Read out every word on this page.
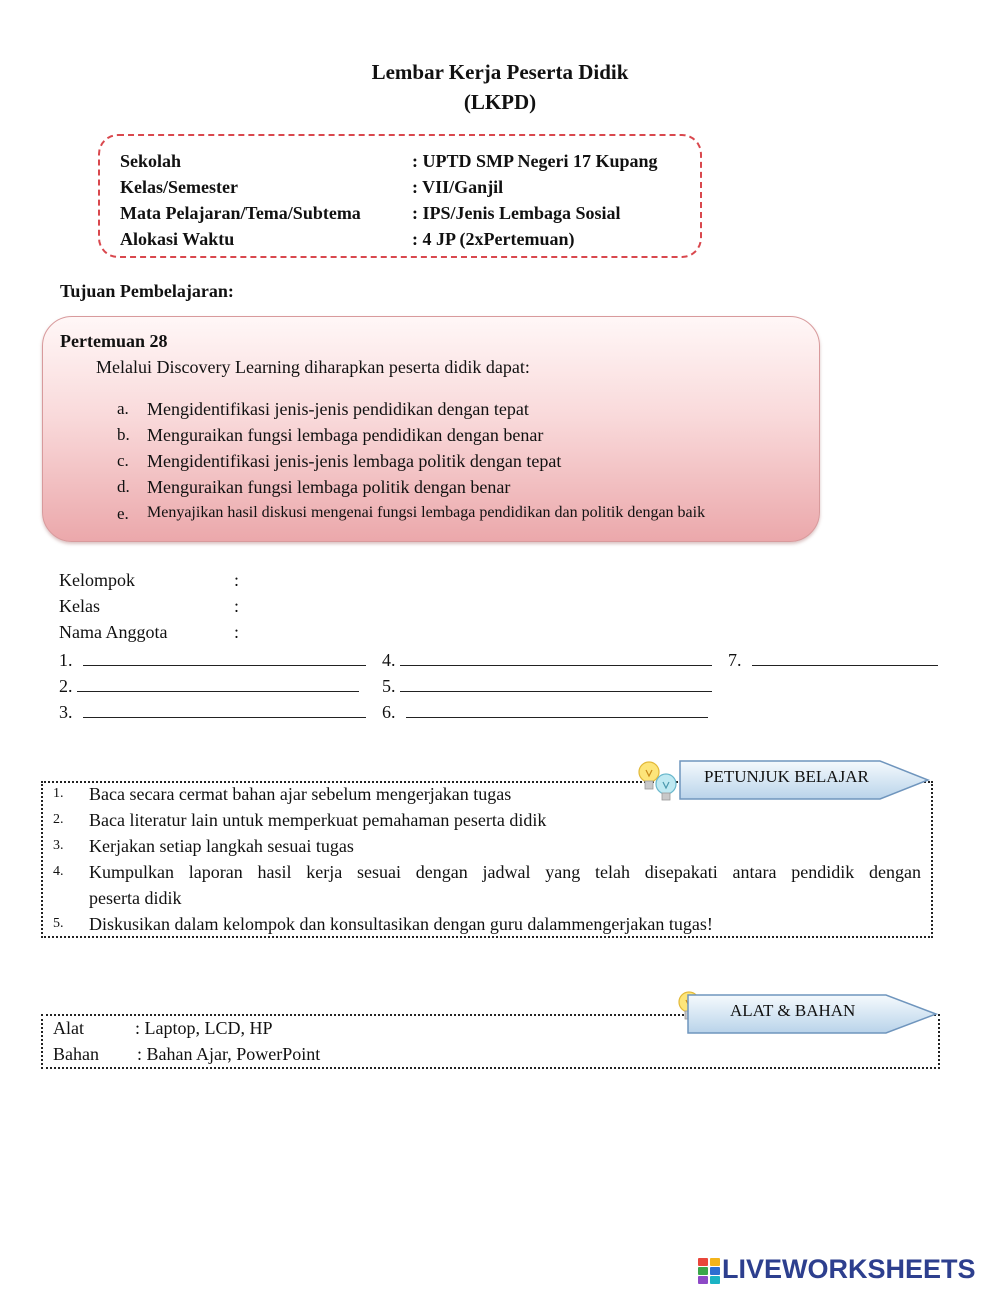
Lembar Kerja Peserta Didik
(LKPD)
Sekolah	: UPTD SMP Negeri 17 Kupang
Kelas/Semester	: VII/Ganjil
Mata Pelajaran/Tema/Subtema	: IPS/Jenis Lembaga Sosial
Alokasi Waktu	: 4 JP (2xPertemuan)
Tujuan Pembelajaran:
Pertemuan 28
Melalui Discovery Learning diharapkan peserta didik dapat:
a. Mengidentifikasi jenis-jenis pendidikan dengan tepat
b. Menguraikan fungsi lembaga pendidikan dengan benar
c. Mengidentifikasi jenis-jenis lembaga politik dengan tepat
d. Menguraikan fungsi lembaga politik dengan benar
e. Menyajikan hasil diskusi mengenai fungsi lembaga pendidikan dan politik dengan baik
Kelompok	:
Kelas	:
Nama Anggota	:
1.
2.
3.
4.
5.
6.
7.
1. Baca secara cermat bahan ajar sebelum mengerjakan tugas
2. Baca literatur lain untuk memperkuat pemahaman peserta didik
3. Kerjakan setiap langkah sesuai tugas
4. Kumpulkan laporan hasil kerja sesuai dengan jadwal yang telah disepakati antara pendidik dengan
peserta didik
5. Diskusikan dalam kelompok dan konsultasikan dengan guru dalammengerjakan tugas!
PETUNJUK BELAJAR
Alat	: Laptop, LCD, HP
Bahan : Bahan Ajar, PowerPoint
ALAT & BAHAN
LIVEWORKSHEETS
